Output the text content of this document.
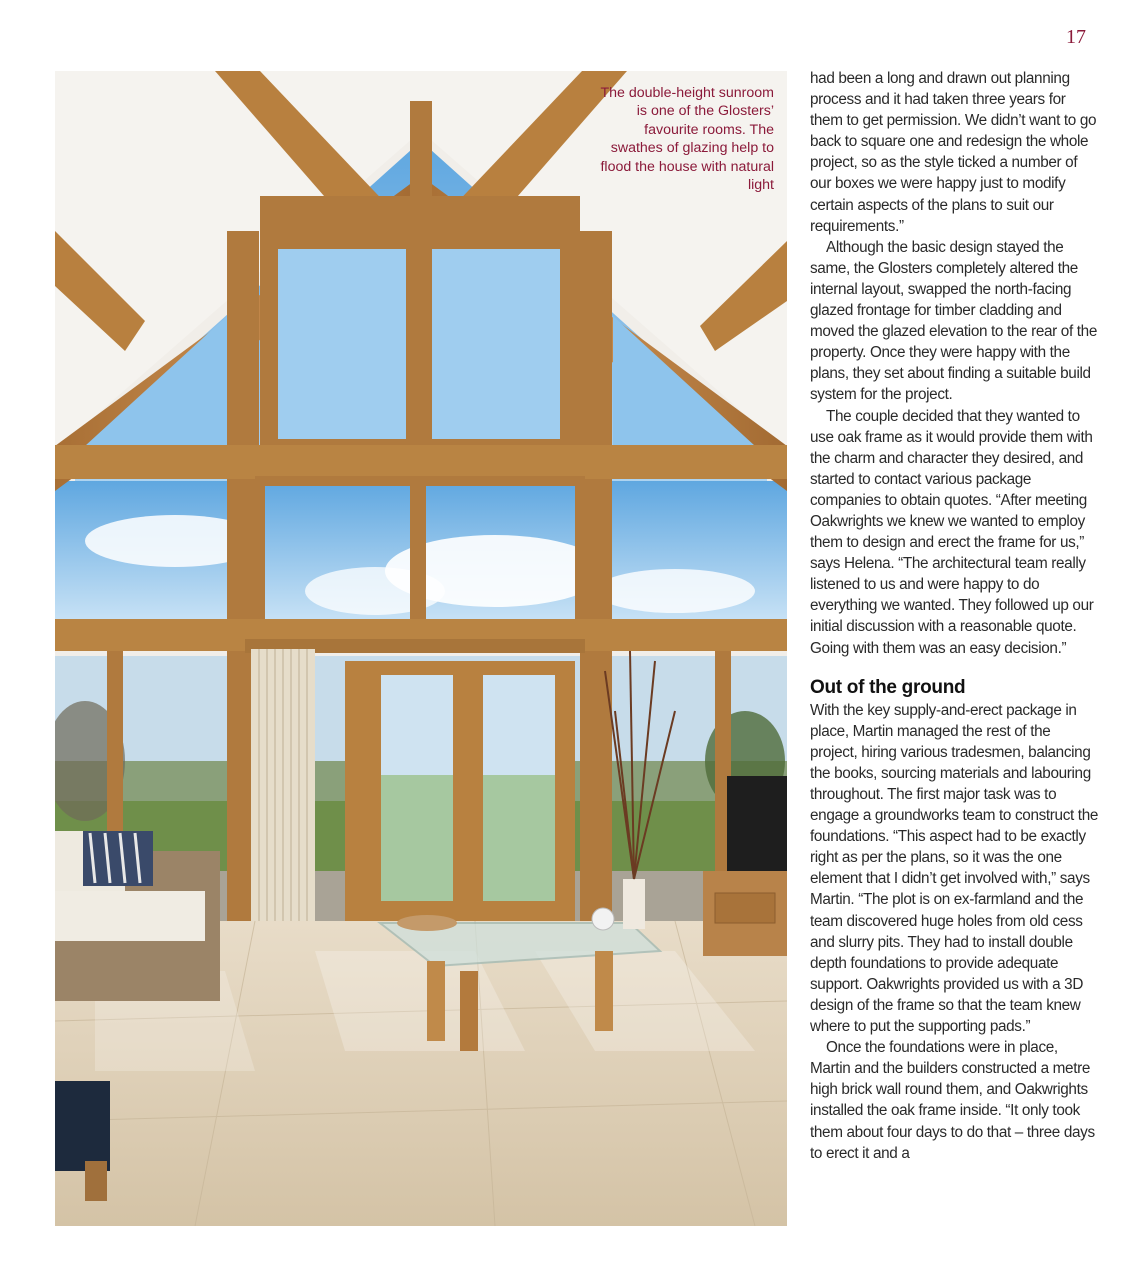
17
The double-height sunroom is one of the Glosters’ favourite rooms. The swathes of glazing help to flood the house with natural light

had been a long and drawn out planning process and it had taken three years for them to get permission. We didn’t want to go back to square one and redesign the whole project, so as the style ticked a number of our boxes we were happy just to modify certain aspects of the plans to suit our requirements.”

Although the basic design stayed the same, the Glosters completely altered the internal layout, swapped the north-facing glazed frontage for timber cladding and moved the glazed elevation to the rear of the property. Once they were happy with the plans, they set about finding a suitable build system for the project.

The couple decided that they wanted to use oak frame as it would provide them with the charm and character they desired, and started to contact various package companies to obtain quotes. “After meeting Oakwrights we knew we wanted to employ them to design and erect the frame for us,” says Helena. “The architectural team really listened to us and were happy to do everything we wanted. They followed up our initial discussion with a reasonable quote. Going with them was an easy decision.”

Out of the ground

With the key supply-and-erect package in place, Martin managed the rest of the project, hiring various tradesmen, balancing the books, sourcing materials and labouring throughout. The first major task was to engage a groundworks team to construct the foundations. “This aspect had to be exactly right as per the plans, so it was the one element that I didn’t get involved with,” says Martin. “The plot is on ex-farmland and the team discovered huge holes from old cess and slurry pits. They had to install double depth foundations to provide adequate support. Oakwrights provided us with a 3D design of the frame so that the team knew where to put the supporting pads.”

Once the foundations were in place, Martin and the builders constructed a metre high brick wall round them, and Oakwrights installed the oak frame inside. “It only took them about four days to do that – three days to erect it and a
